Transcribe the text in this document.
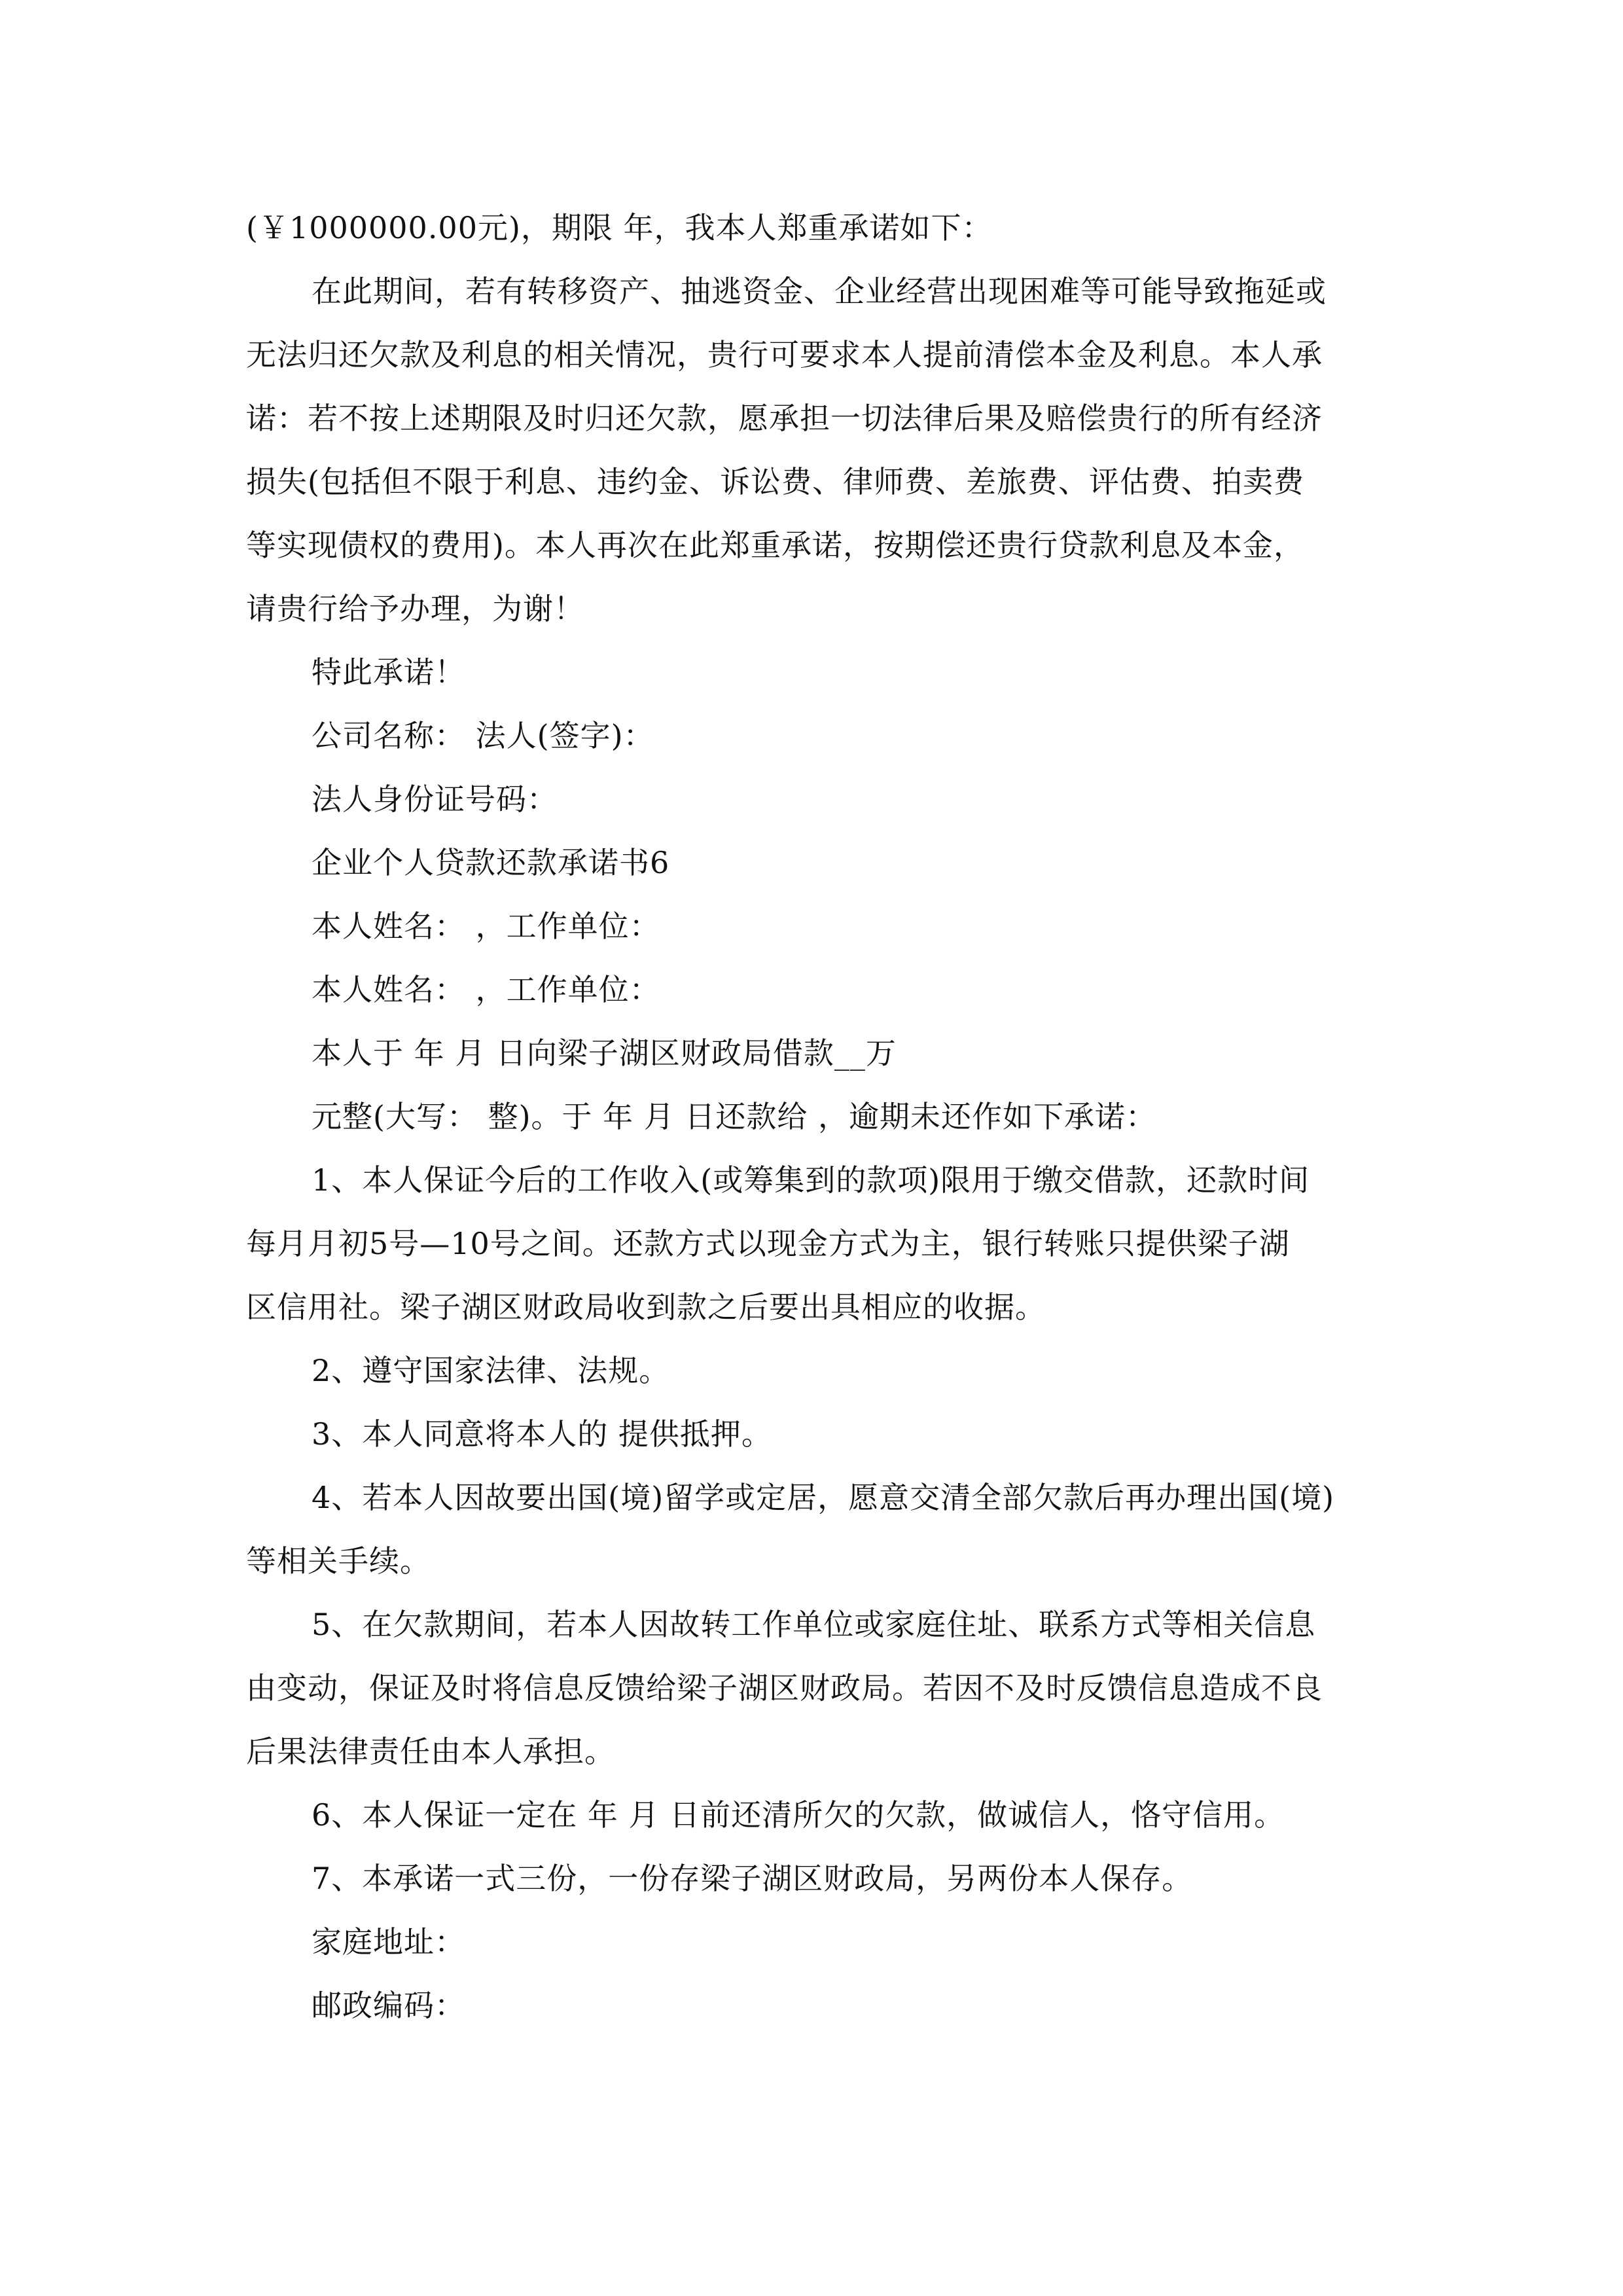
(￥1000000.00元)，期限 年，我本人郑重承诺如下：
在此期间，若有转移资产、抽逃资金、企业经营出现困难等可能导致拖延或
无法归还欠款及利息的相关情况，贵行可要求本人提前清偿本金及利息。本人承
诺：若不按上述期限及时归还欠款，愿承担一切法律后果及赔偿贵行的所有经济
损失(包括但不限于利息、违约金、诉讼费、律师费、差旅费、评估费、拍卖费
等实现债权的费用)。本人再次在此郑重承诺，按期偿还贵行贷款利息及本金，
请贵行给予办理，为谢！
特此承诺！
公司名称： 法人(签字)：
法人身份证号码：
企业个人贷款还款承诺书6
本人姓名： ，工作单位：
本人姓名： ，工作单位：
本人于 年 月 日向梁子湖区财政局借款__万
元整(大写： 整)。于 年 月 日还款给 ，逾期未还作如下承诺：
1、本人保证今后的工作收入(或筹集到的款项)限用于缴交借款，还款时间
每月月初5号—10号之间。还款方式以现金方式为主，银行转账只提供梁子湖
区信用社。梁子湖区财政局收到款之后要出具相应的收据。
2、遵守国家法律、法规。
3、本人同意将本人的 提供抵押。
4、若本人因故要出国(境)留学或定居，愿意交清全部欠款后再办理出国(境)
等相关手续。
5、在欠款期间，若本人因故转工作单位或家庭住址、联系方式等相关信息
由变动，保证及时将信息反馈给梁子湖区财政局。若因不及时反馈信息造成不良
后果法律责任由本人承担。
6、本人保证一定在 年 月 日前还清所欠的欠款，做诚信人，恪守信用。
7、本承诺一式三份，一份存梁子湖区财政局，另两份本人保存。
家庭地址：
邮政编码：
